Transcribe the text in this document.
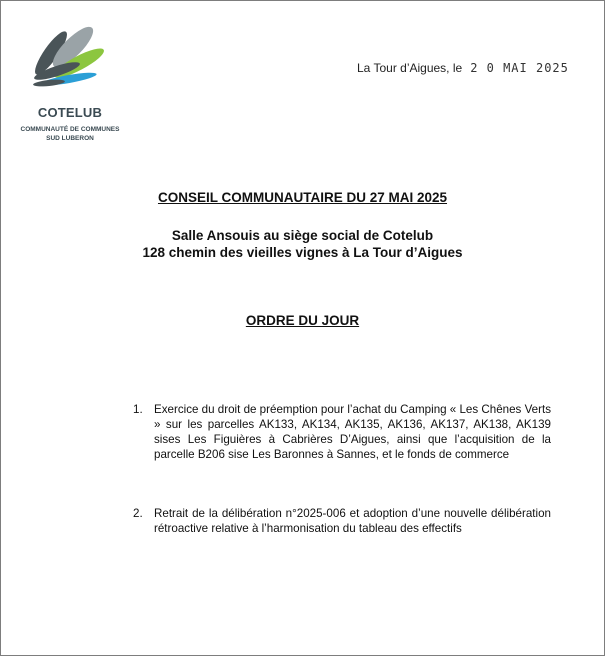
COTELUB
COMMUNAUTÉ DE COMMUNES
SUD LUBERON
La Tour d’Aigues, le 2 0 MAI 2025
CONSEIL COMMUNAUTAIRE DU 27 MAI 2025
Salle Ansouis au siège social de Cotelub
128 chemin des vieilles vignes à La Tour d’Aigues
ORDRE DU JOUR
1. Exercice du droit de préemption pour l’achat du Camping « Les Chênes Verts » sur les parcelles AK133, AK134, AK135, AK136, AK137, AK138, AK139 sises Les Figuières à Cabrières D’Aigues, ainsi que l’acquisition de la parcelle B206 sise Les Baronnes à Sannes, et le fonds de commerce
2. Retrait de la délibération n°2025-006 et adoption d’une nouvelle délibération rétroactive relative à l’harmonisation du tableau des effectifs
